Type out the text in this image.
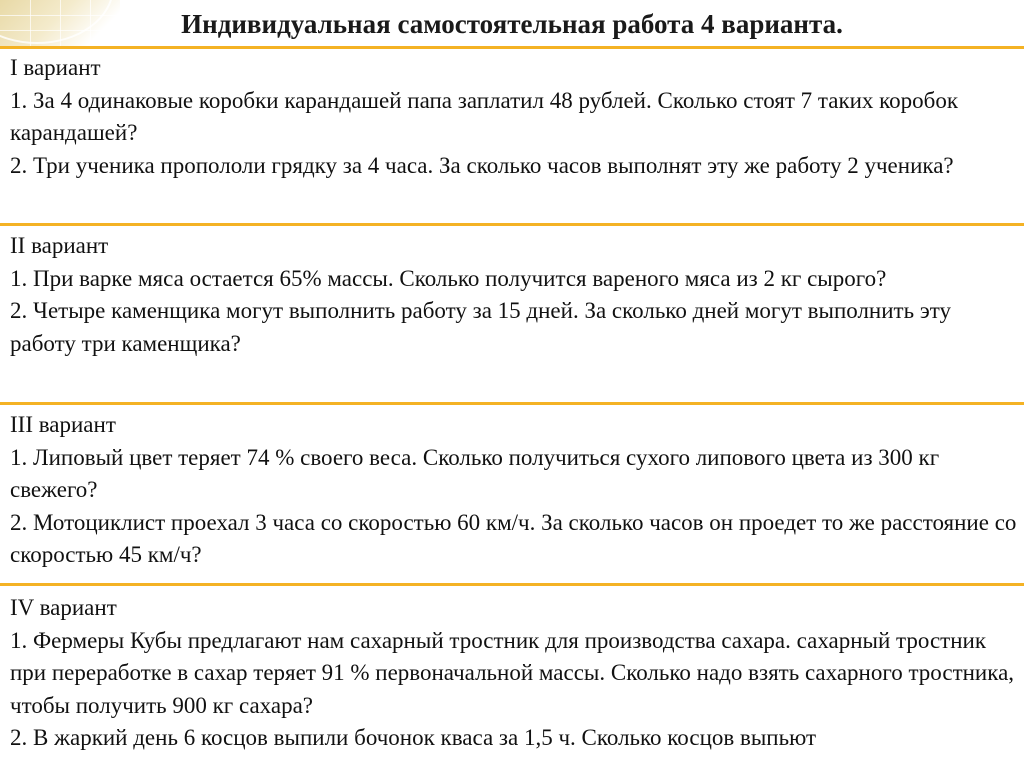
Индивидуальная самостоятельная работа 4 варианта.

I вариант

1. За 4 одинаковые коробки карандашей папа заплатил 48 рублей. Сколько стоят 7 таких коробок карандашей?

2. Три ученика пропололи грядку за 4 часа. За сколько часов выполнят эту же работу 2 ученика?

II вариант

1. При варке мяса остается 65% массы. Сколько получится вареного мяса из 2 кг сырого?

2. Четыре каменщика могут выполнить работу за 15 дней. За сколько дней могут выполнить эту работу три каменщика?

III вариант

1. Липовый цвет теряет 74 % своего веса. Сколько получиться сухого липового цвета из 300 кг свежего?

2. Мотоциклист проехал 3 часа со скоростью 60 км/ч. За сколько часов он проедет то же расстояние со скоростью 45 км/ч?

IV вариант

1. Фермеры Кубы предлагают нам сахарный тростник для производства сахара. сахарный тростник при переработке в сахар теряет 91 % первоначальной массы. Сколько надо взять сахарного тростника, чтобы получить 900 кг сахара?

2. В жаркий день 6 косцов выпили бочонок кваса за 1,5 ч. Сколько косцов выпьют
